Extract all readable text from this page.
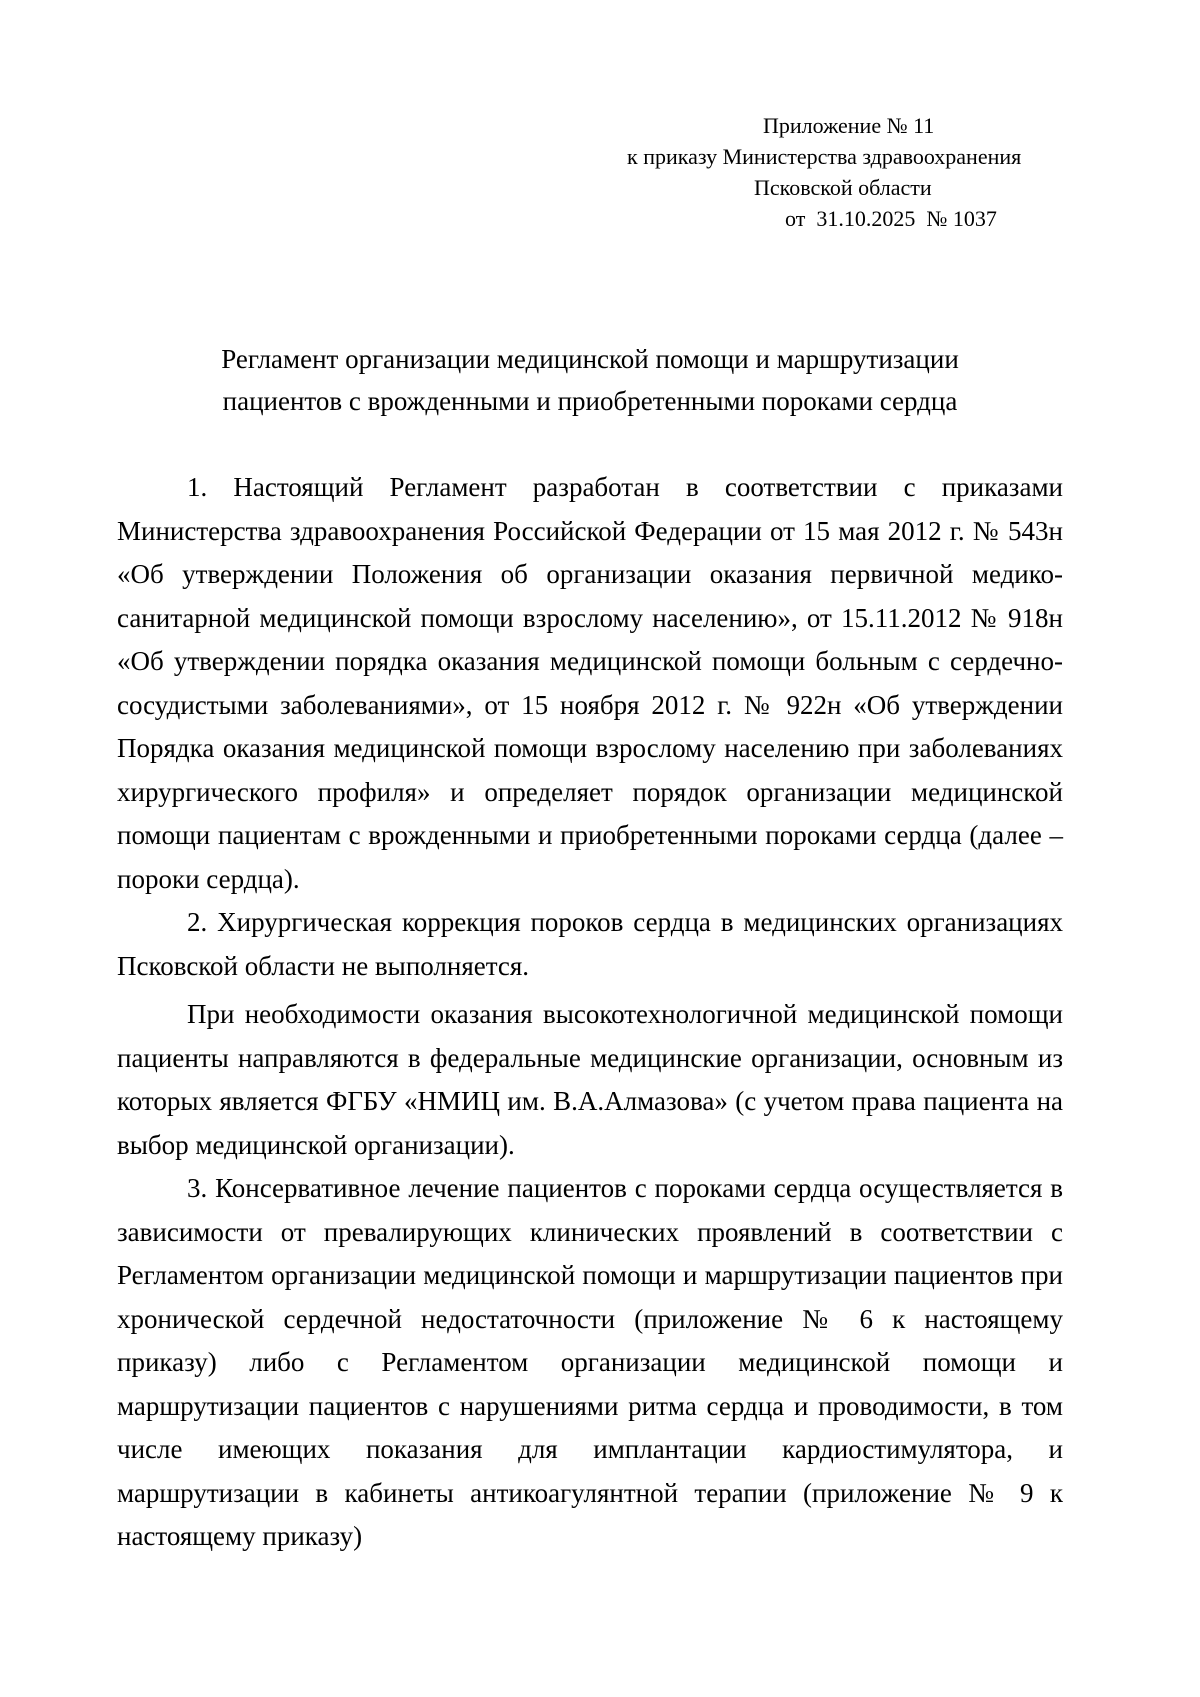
Приложение № 11
к приказу Министерства здравоохранения
Псковской области
от  31.10.2025  № 1037
Регламент организации медицинской помощи и маршрутизации
пациентов с врожденными и приобретенными пороками сердца

1. Настоящий Регламент разработан в соответствии с приказами Министерства здравоохранения Российской Федерации от 15 мая 2012 г. № 543н «Об утверждении Положения об организации оказания первичной медико-санитарной медицинской помощи взрослому населению», от 15.11.2012 № 918н «Об утверждении порядка оказания медицинской помощи больным с сердечно-сосудистыми заболеваниями», от 15 ноября 2012 г. № 922н «Об утверждении Порядка оказания медицинской помощи взрослому населению при заболеваниях хирургического профиля» и определяет порядок организации медицинской помощи пациентам с врожденными и приобретенными пороками сердца (далее – пороки сердца).

2. Хирургическая коррекция пороков сердца в медицинских организациях Псковской области не выполняется.

При необходимости оказания высокотехнологичной медицинской помощи пациенты направляются в федеральные медицинские организации, основным из которых является ФГБУ «НМИЦ им. В.А.Алмазова» (с учетом права пациента на выбор медицинской организации).

3. Консервативное лечение пациентов с пороками сердца осуществляется в зависимости от превалирующих клинических проявлений в соответствии с Регламентом организации медицинской помощи и маршрутизации пациентов при хронической сердечной недостаточности (приложение № 6 к настоящему приказу) либо с Регламентом организации медицинской помощи и маршрутизации пациентов с нарушениями ритма сердца и проводимости, в том числе имеющих показания для имплантации кардиостимулятора, и маршрутизации в кабинеты антикоагулянтной терапии (приложение № 9 к настоящему приказу)
